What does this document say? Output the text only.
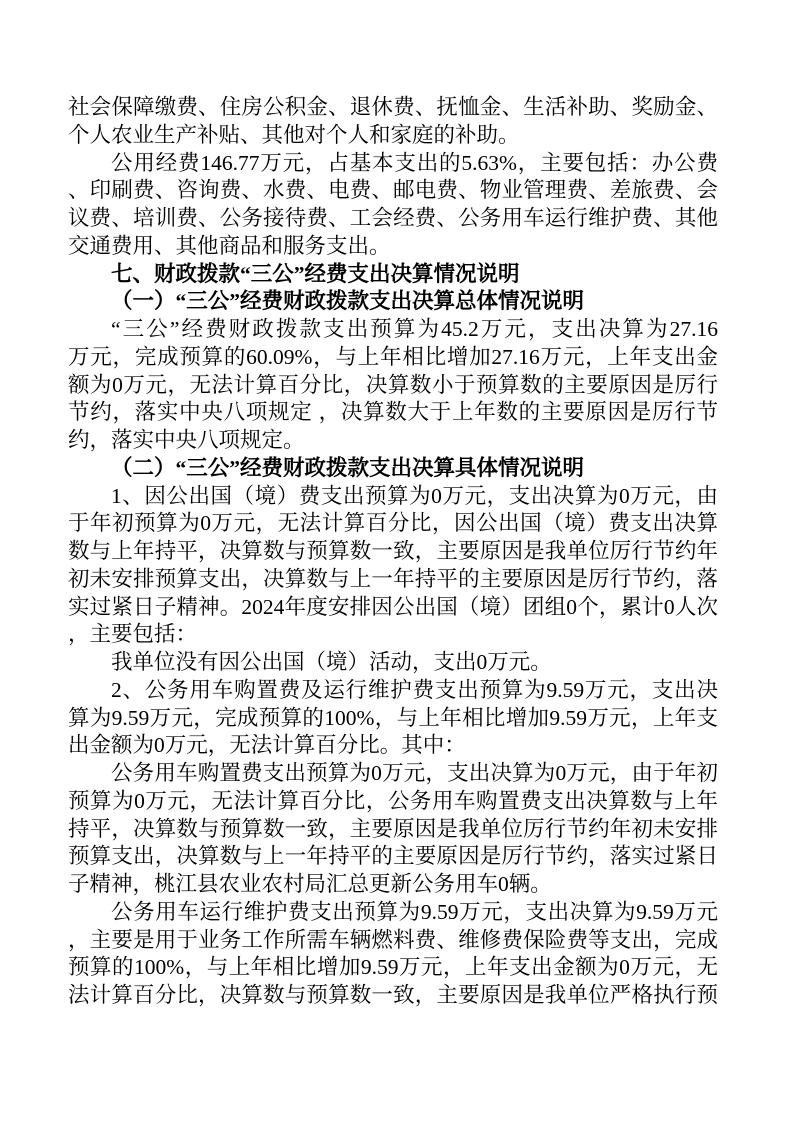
社会保障缴费、住房公积金、退休费、抚恤金、生活补助、奖励金、
个人农业生产补贴、其他对个人和家庭的补助。
公用经费146.77万元，占基本支出的5.63%，主要包括：办公费
、印刷费、咨询费、水费、电费、邮电费、物业管理费、差旅费、会
议费、培训费、公务接待费、工会经费、公务用车运行维护费、其他
交通费用、其他商品和服务支出。
七、财政拨款“三公”经费支出决算情况说明
（一）“三公”经费财政拨款支出决算总体情况说明
“三公”经费财政拨款支出预算为45.2万元，支出决算为27.16
万元，完成预算的60.09%，与上年相比增加27.16万元，上年支出金
额为0万元，无法计算百分比，决算数小于预算数的主要原因是厉行
节约，落实中央八项规定 ，决算数大于上年数的主要原因是厉行节
约，落实中央八项规定。
（二）“三公”经费财政拨款支出决算具体情况说明
1、因公出国（境）费支出预算为0万元，支出决算为0万元，由
于年初预算为0万元，无法计算百分比，因公出国（境）费支出决算
数与上年持平，决算数与预算数一致，主要原因是我单位厉行节约年
初未安排预算支出，决算数与上一年持平的主要原因是厉行节约，落
实过紧日子精神。2024年度安排因公出国（境）团组0个，累计0人次
，主要包括：
我单位没有因公出国（境）活动，支出0万元。
2、公务用车购置费及运行维护费支出预算为9.59万元，支出决
算为9.59万元，完成预算的100%，与上年相比增加9.59万元，上年支
出金额为0万元，无法计算百分比。其中：
公务用车购置费支出预算为0万元，支出决算为0万元，由于年初
预算为0万元，无法计算百分比，公务用车购置费支出决算数与上年
持平，决算数与预算数一致，主要原因是我单位厉行节约年初未安排
预算支出，决算数与上一年持平的主要原因是厉行节约，落实过紧日
子精神，桃江县农业农村局汇总更新公务用车0辆。
公务用车运行维护费支出预算为9.59万元，支出决算为9.59万元
，主要是用于业务工作所需车辆燃料费、维修费保险费等支出，完成
预算的100%，与上年相比增加9.59万元，上年支出金额为0万元，无
法计算百分比，决算数与预算数一致，主要原因是我单位严格执行预
